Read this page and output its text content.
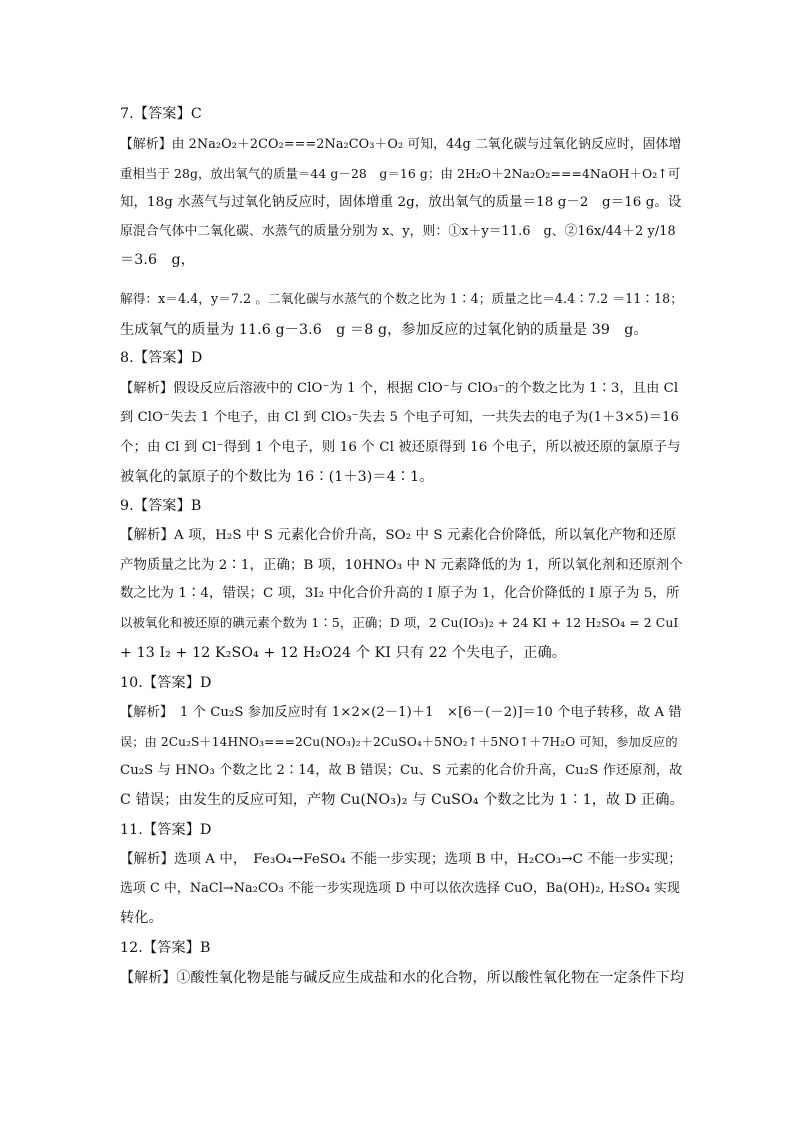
7.【答案】C
【解析】由 2Na₂O₂＋2CO₂===2Na₂CO₃＋O₂ 可知，44g 二氧化碳与过氧化钠反应时，固体增
重相当于 28g，放出氧气的质量＝44 g－28　g＝16 g；由 2H₂O＋2Na₂O₂===4NaOH＋O₂↑可
知，18g 水蒸气与过氧化钠反应时，固体增重 2g，放出氧气的质量＝18 g－2　g＝16 g。设
原混合气体中二氧化碳、水蒸气的质量分别为 x、y，则：①x＋y＝11.6　g、②16x/44＋2 y/18
＝3.6　g，
解得：x＝4.4，y＝7.2 。二氧化碳与水蒸气的个数之比为 1∶4；质量之比＝4.4∶7.2 ＝11∶18；
生成氧气的质量为 11.6 g－3.6　g ＝8 g，参加反应的过氧化钠的质量是 39　g。
8.【答案】D
【解析】假设反应后溶液中的 ClO⁻为 1 个，根据 ClO⁻与 ClO₃⁻的个数之比为 1∶3，且由 Cl
到 ClO⁻失去 1 个电子，由 Cl 到 ClO₃⁻失去 5 个电子可知，一共失去的电子为(1＋3×5)＝16
个；由 Cl 到 Cl⁻得到 1 个电子，则 16 个 Cl 被还原得到 16 个电子，所以被还原的氯原子与
被氧化的氯原子的个数比为 16∶(1＋3)＝4∶1。
9.【答案】B
【解析】A 项，H₂S 中 S 元素化合价升高，SO₂ 中 S 元素化合价降低，所以氧化产物和还原
产物质量之比为 2∶1，正确；B 项，10HNO₃ 中 N 元素降低的为 1，所以氧化剂和还原剂个
数之比为 1∶4，错误；C 项，3I₂ 中化合价升高的 I 原子为 1，化合价降低的 I 原子为 5，所
以被氧化和被还原的碘元素个数为 1∶5，正确；D 项，2 Cu(IO₃)₂ + 24 KI + 12 H₂SO₄ = 2 CuI
+ 13 I₂ + 12 K₂SO₄ + 12 H₂O24 个 KI 只有 22 个失电子，正确。
10.【答案】D
【解析】　1 个 Cu₂S 参加反应时有 1×2×(2－1)＋1　×[6－(－2)]＝10 个电子转移，故 A 错
误；由 2Cu₂S＋14HNO₃===2Cu(NO₃)₂＋2CuSO₄＋5NO₂↑＋5NO↑＋7H₂O 可知，参加反应的
Cu₂S 与 HNO₃ 个数之比 2∶14，故 B 错误；Cu、S 元素的化合价升高，Cu₂S 作还原剂，故
C 错误；由发生的反应可知，产物 Cu(NO₃)₂ 与 CuSO₄ 个数之比为 1∶1，故 D 正确。
11.【答案】D
【解析】选项 A 中，　Fe₃O₄→FeSO₄ 不能一步实现；选项 B 中，H₂CO₃→C 不能一步实现；
选项 C 中，NaCl→Na₂CO₃ 不能一步实现选项 D 中可以依次选择 CuO，Ba(OH)₂, H₂SO₄ 实现
转化。
12.【答案】B
【解析】①酸性氧化物是能与碱反应生成盐和水的化合物，所以酸性氧化物在一定条件下均
